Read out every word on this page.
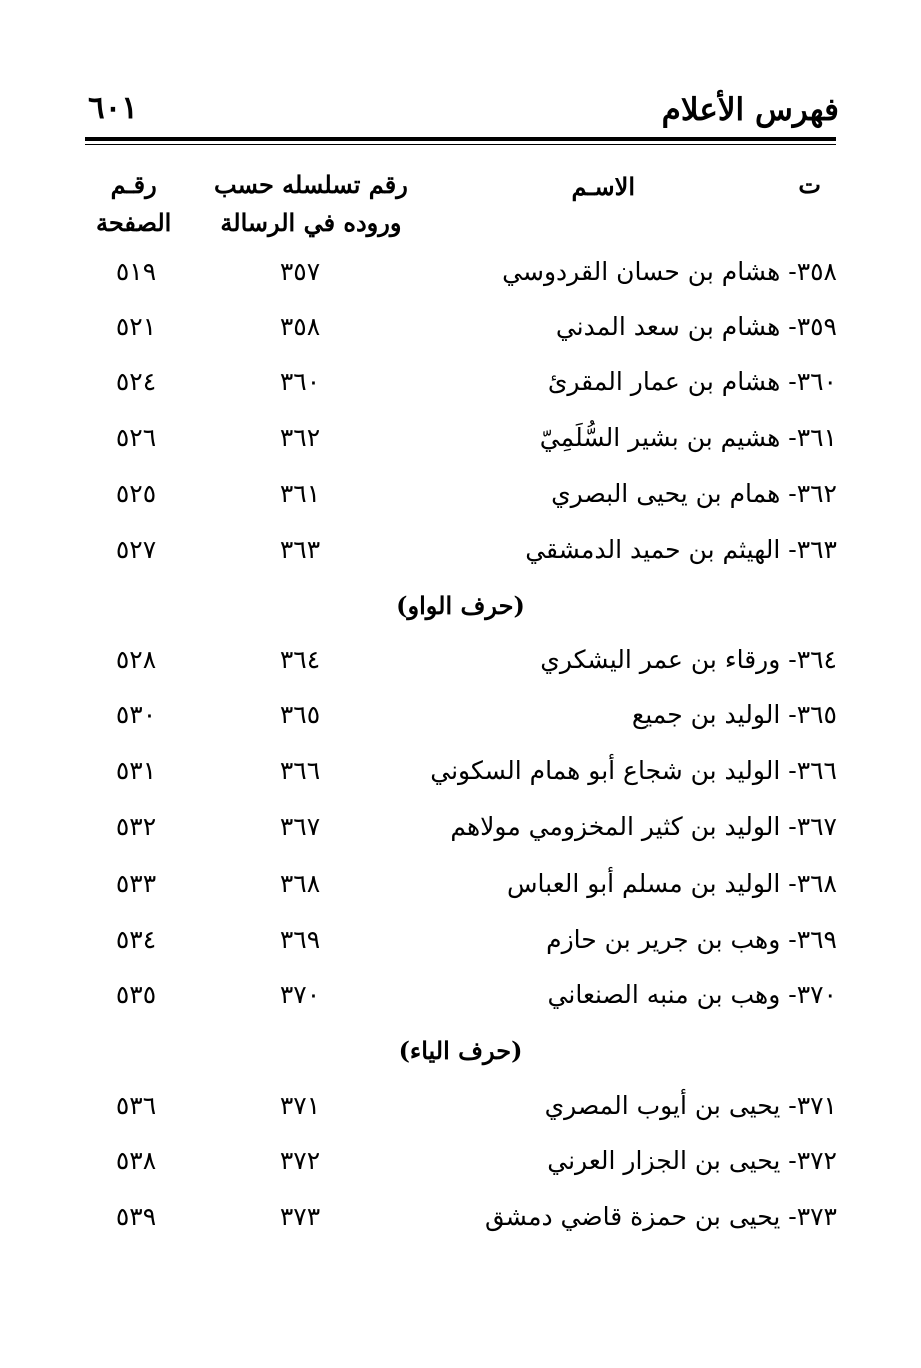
فهرس الأعلام
٦٠١
ت
الاسـم
رقم تسلسله حسب
وروده في الرسالة
رقـم
الصفحة
٣٥٨- هشام بن حسان القردوسي
٣٥٧
٥١٩
٣٥٩- هشام بن سعد المدني
٣٥٨
٥٢١
٣٦٠- هشام بن عمار المقرئ
٣٦٠
٥٢٤
٣٦١- هشيم بن بشير السُّلَمِيّ
٣٦٢
٥٢٦
٣٦٢- همام بن يحيى البصري
٣٦١
٥٢٥
٣٦٣- الهيثم بن حميد الدمشقي
٣٦٣
٥٢٧
(حرف الواو)
٣٦٤- ورقاء بن عمر اليشكري
٣٦٤
٥٢٨
٣٦٥- الوليد بن جميع
٣٦٥
٥٣٠
٣٦٦- الوليد بن شجاع أبو همام السكوني
٣٦٦
٥٣١
٣٦٧- الوليد بن كثير المخزومي مولاهم
٣٦٧
٥٣٢
٣٦٨- الوليد بن مسلم أبو العباس
٣٦٨
٥٣٣
٣٦٩- وهب بن جرير بن حازم
٣٦٩
٥٣٤
٣٧٠- وهب بن منبه الصنعاني
٣٧٠
٥٣٥
(حرف الياء)
٣٧١- يحيى بن أيوب المصري
٣٧١
٥٣٦
٣٧٢- يحيى بن الجزار العرني
٣٧٢
٥٣٨
٣٧٣- يحيى بن حمزة قاضي دمشق
٣٧٣
٥٣٩
